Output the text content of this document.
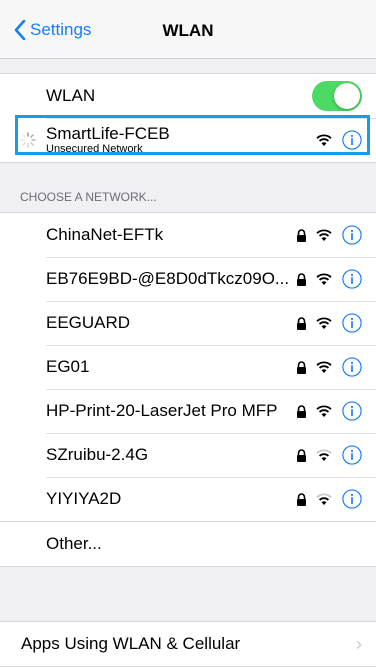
Settings	WLAN
WLAN
SmartLife-FCEB
Unsecured Network
CHOOSE A NETWORK...
ChinaNet-EFTk
EB76E9BD-@E8D0dTkcz09O...
EEGUARD
EG01
HP-Print-20-LaserJet Pro MFP
SZruibu-2.4G
YIYIYA2D
Other...
Apps Using WLAN & Cellular	›
